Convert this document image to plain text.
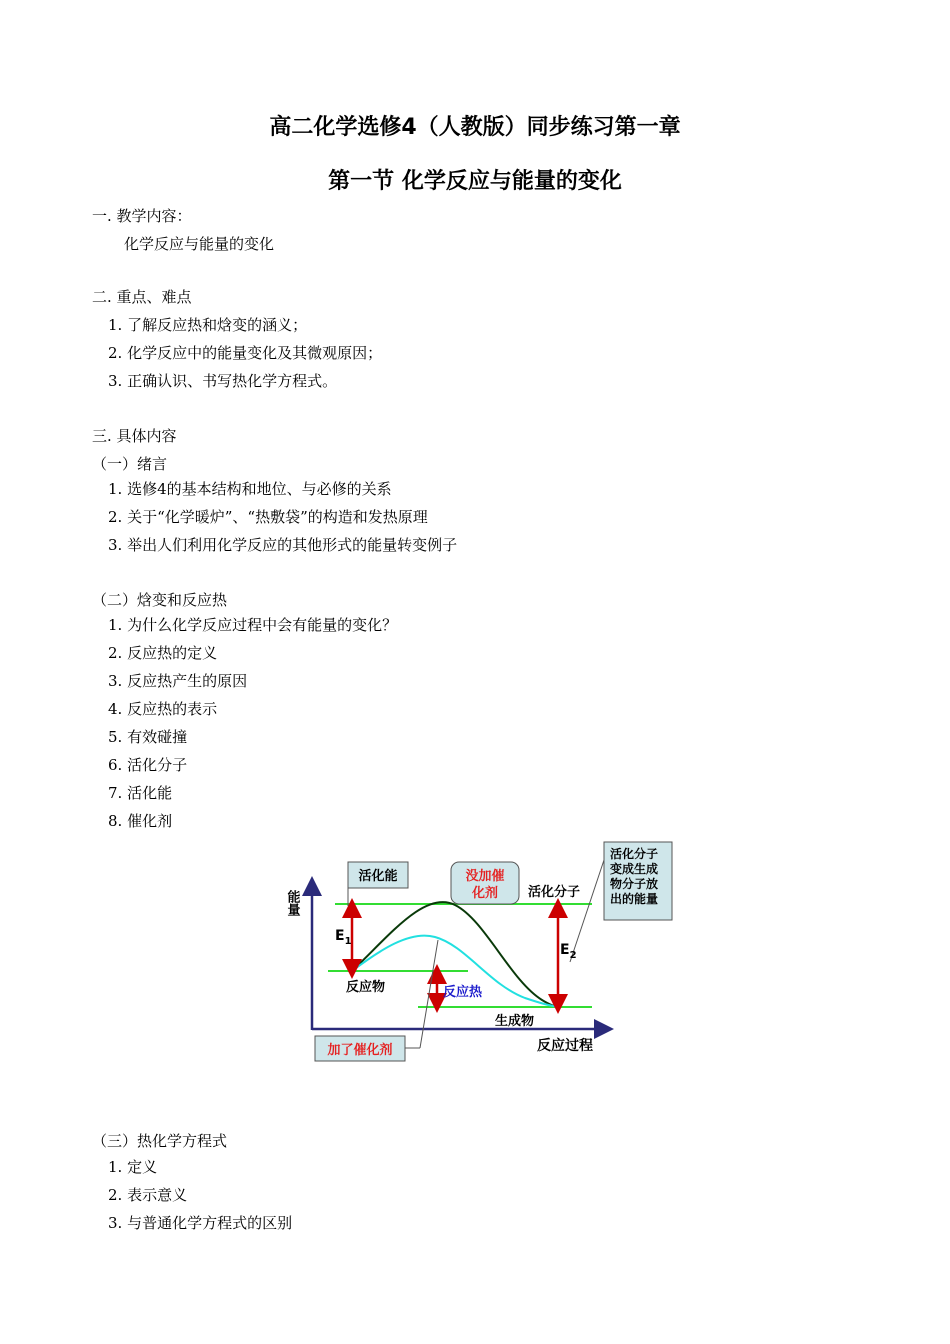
高二化学选修4（人教版）同步练习第一章
第一节 化学反应与能量的变化
一. 教学内容：
化学反应与能量的变化
二. 重点、难点
1. 了解反应热和焓变的涵义；
2. 化学反应中的能量变化及其微观原因；
3. 正确认识、书写热化学方程式。
三. 具体内容
（一）绪言
1. 选修4的基本结构和地位、与必修的关系
2. 关于“化学暖炉”、“热敷袋”的构造和发热原理
3. 举出人们利用化学反应的其他形式的能量转变例子
（二）焓变和反应热
1. 为什么化学反应过程中会有能量的变化？
2. 反应热的定义
3. 反应热产生的原因
4. 反应热的表示
5. 有效碰撞
6. 活化分子
7. 活化能
8. 催化剂
能量
反应过程
活化能	没加催
化剂 活化分子
活化分子
变成生成
物分子放
出的能量
$E_1$
$E_2$
反应物	反应热
生成物
加了催化剂
（三）热化学方程式
1. 定义
2. 表示意义
3. 与普通化学方程式的区别
